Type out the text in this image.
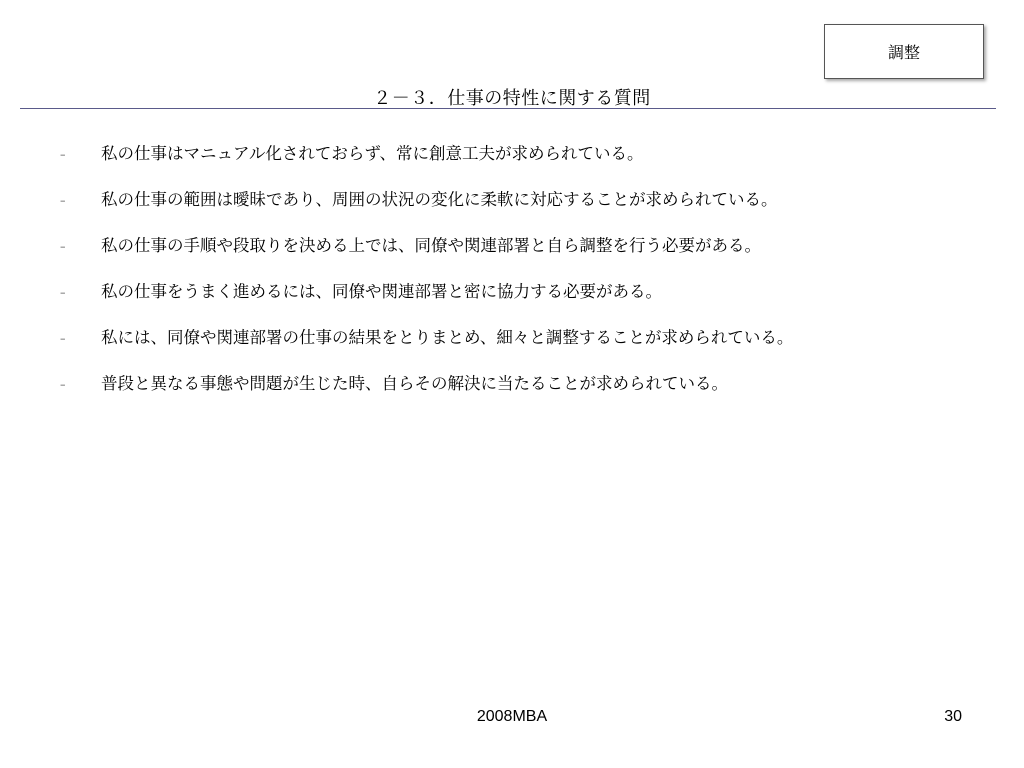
調整
２－３．仕事の特性に関する質問
– 私の仕事はマニュアル化されておらず、常に創意工夫が求められている。
– 私の仕事の範囲は曖昧であり、周囲の状況の変化に柔軟に対応することが求められている。
– 私の仕事の手順や段取りを決める上では、同僚や関連部署と自ら調整を行う必要がある。
– 私の仕事をうまく進めるには、同僚や関連部署と密に協力する必要がある。
– 私には、同僚や関連部署の仕事の結果をとりまとめ、細々と調整することが求められている。
– 普段と異なる事態や問題が生じた時、自らその解決に当たることが求められている。
2008MBA	30
